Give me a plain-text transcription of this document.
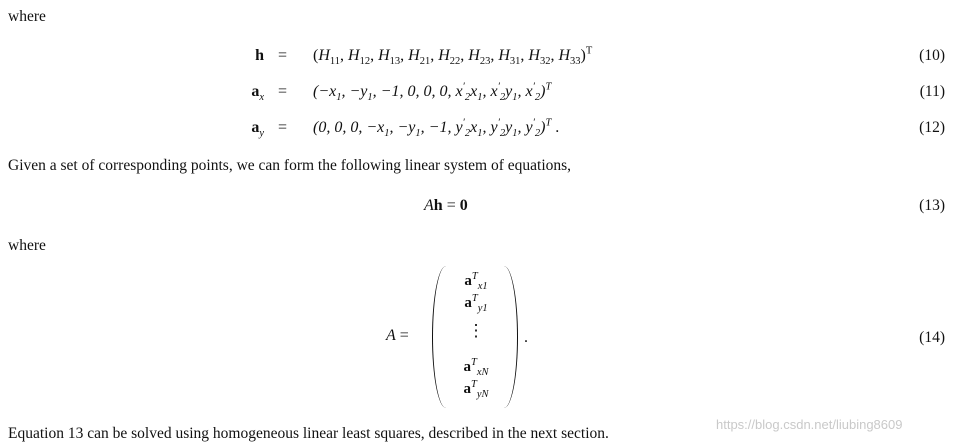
where
$h = (H_{11}$, $H_{12}$, $H_{13}$, $H_{21}$, $H_{22}$, $H_{23}$, $H_{31}$, $H_{32}$, $H_{33})^T$	(10)
$a_x = (-x_1$, $-y_1$, −1, 0, 0, 0, $x'_2x_1$, $x'_2y_1$, $x'_2)^T$	(11)
$a_y = (0$, 0, 0, $-x_1$, $-y_1$, −1, $y'_2x_1$, $y'_2y_1$, $y'_2)^T$ .	(12)
Given a set of corresponding points, we can form the following linear system of equations,
Ah = 0	(13)
where
A =
$a^T_{x1}$
$a^T_{y1}$
⋮
$a^T_{xN}$
$a^T_{yN}$
.	(14)
Equation 13 can be solved using homogeneous linear least squares, described in the next section.
https://blog.csdn.net/liubing8609
